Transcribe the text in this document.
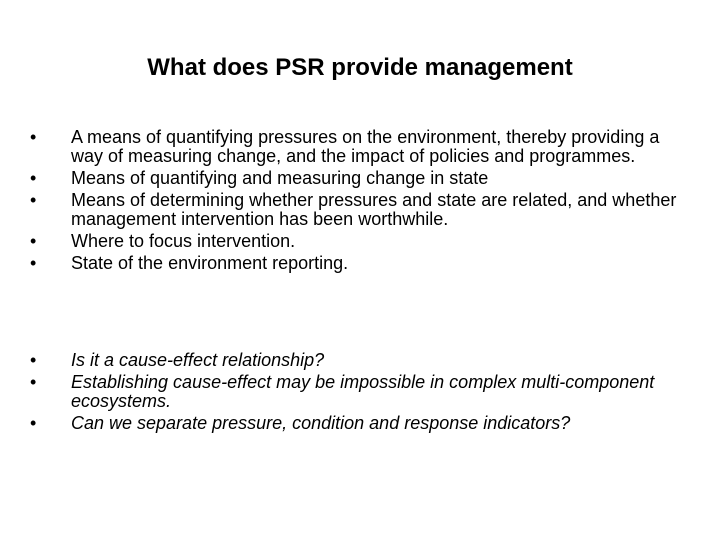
What does PSR provide management
•	A means of quantifying pressures on the environment, thereby providing a way of measuring change, and the impact of policies and programmes.
•	Means of quantifying and measuring change in state
•	Means of determining whether pressures and state are related, and whether management intervention has been worthwhile.
•	Where to focus intervention.
•	State of the environment reporting.
•	Is it a cause-effect relationship?
•	Establishing cause-effect may be impossible in complex multi-component ecosystems.
•	Can we separate pressure, condition and response indicators?
